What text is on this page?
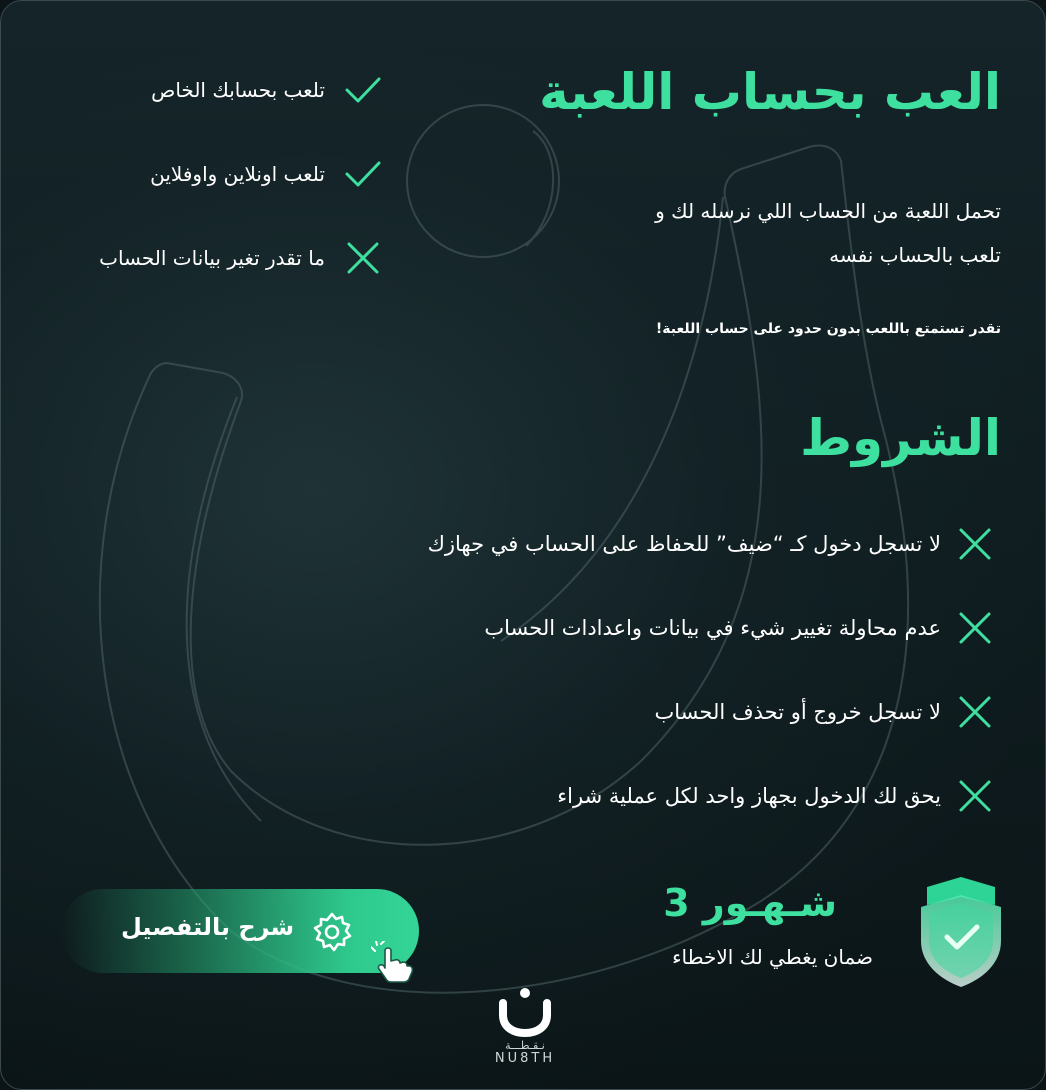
العب بحساب اللعبة
تحمل اللعبة من الحساب اللي نرسله لك و
تلعب بالحساب نفسه
تقدر تستمتع باللعب بدون حدود على حساب اللعبة!
تلعب بحسابك الخاص
تلعب اونلاين واوفلاين
ما تقدر تغير بيانات الحساب
الشروط
لا تسجل دخول كـ “ضيف” للحفاظ على الحساب في جهازك
عدم محاولة تغيير شيء في بيانات واعدادات الحساب
لا تسجل خروج أو تحذف الحساب
يحق لك الدخول بجهاز واحد لكل عملية شراء
شرح بالتفصيل
3 شـهـور
ضمان يغطي لك الاخطاء
نـقـطـــة
NU8TH
